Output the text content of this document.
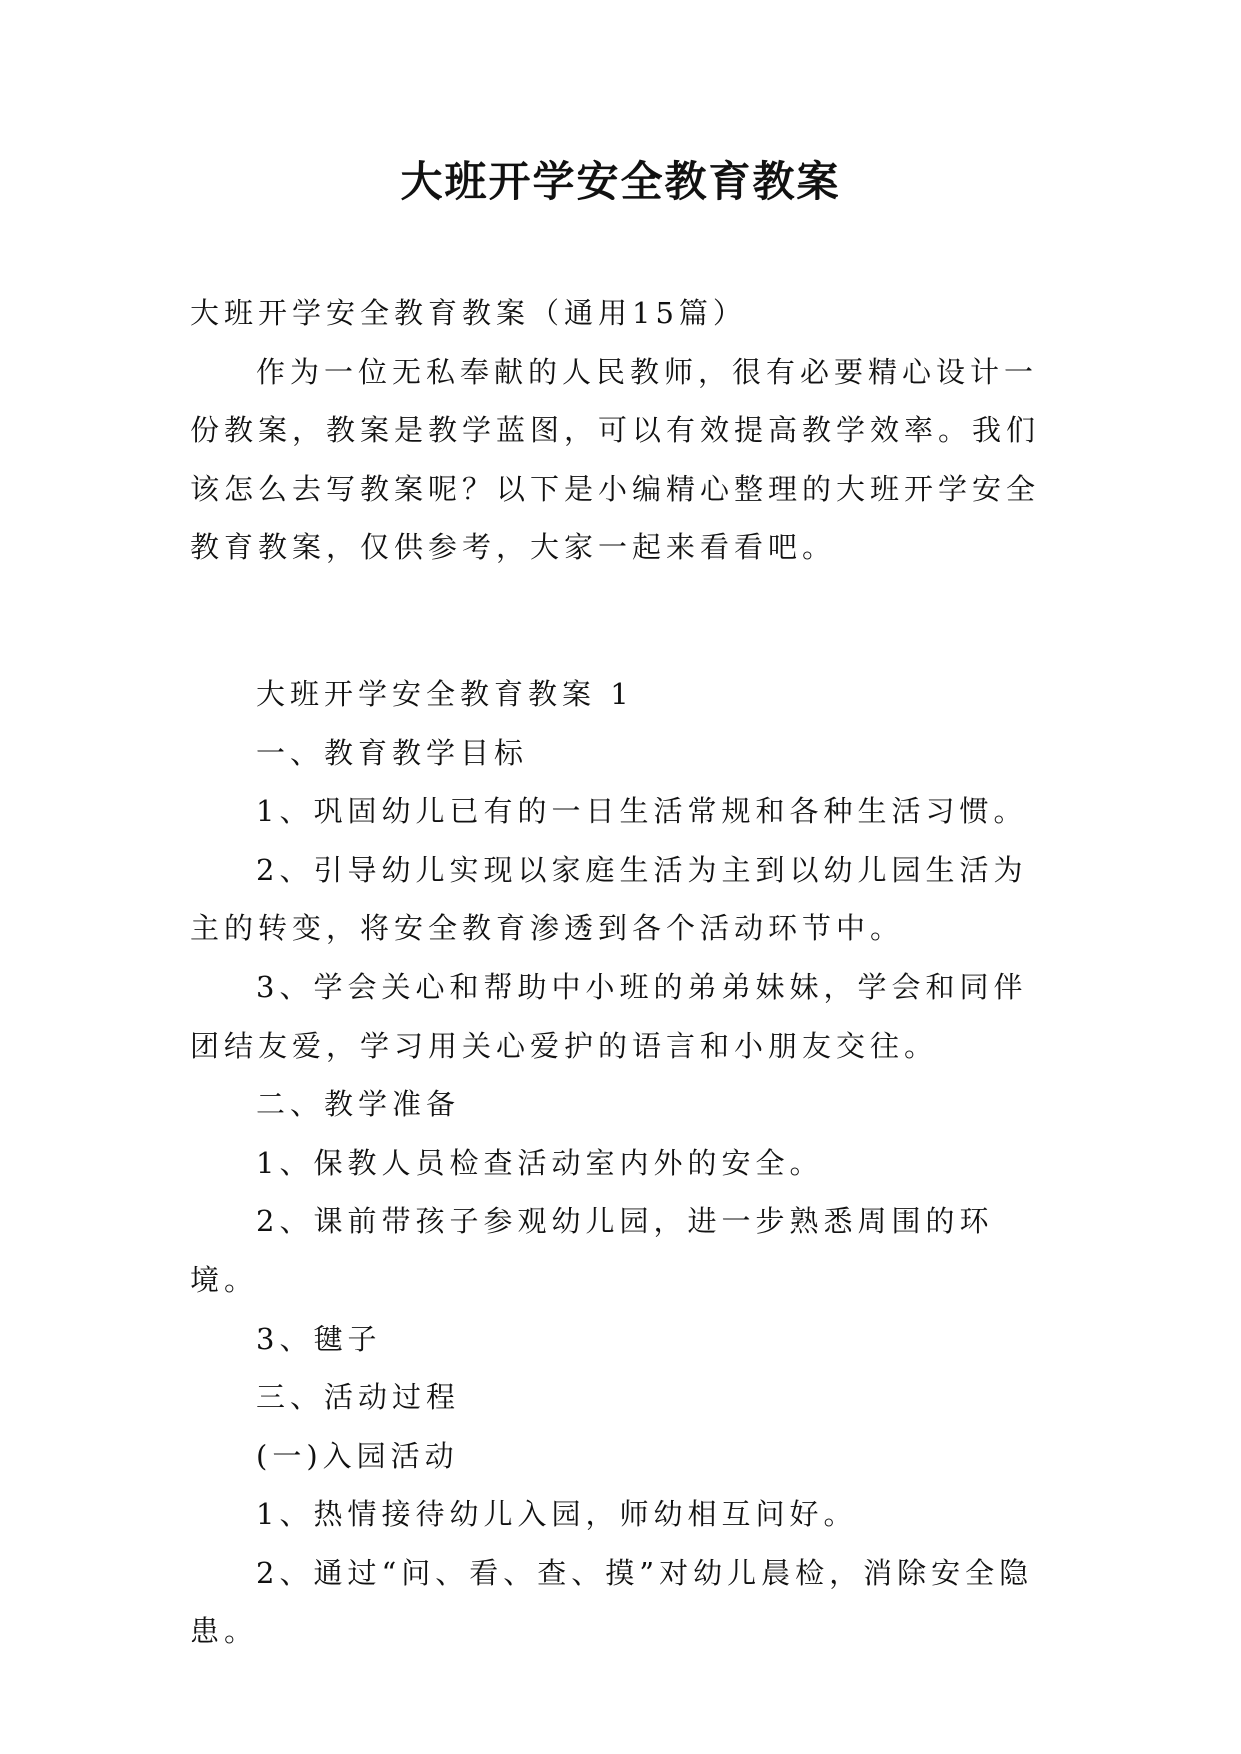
大班开学安全教育教案

大班开学安全教育教案（通用15篇）

作为一位无私奉献的人民教师，很有必要精心设计一份教案，教案是教学蓝图，可以有效提高教学效率。我们该怎么去写教案呢？以下是小编精心整理的大班开学安全教育教案，仅供参考，大家一起来看看吧。

大班开学安全教育教案 1

一、教育教学目标

1、巩固幼儿已有的一日生活常规和各种生活习惯。

2、引导幼儿实现以家庭生活为主到以幼儿园生活为主的转变，将安全教育渗透到各个活动环节中。

3、学会关心和帮助中小班的弟弟妹妹，学会和同伴团结友爱，学习用关心爱护的语言和小朋友交往。

二、教学准备

1、保教人员检查活动室内外的安全。

2、课前带孩子参观幼儿园，进一步熟悉周围的环境。

3、毽子

三、活动过程

(一)入园活动

1、热情接待幼儿入园，师幼相互问好。

2、通过“问、看、查、摸”对幼儿晨检，消除安全隐患。
